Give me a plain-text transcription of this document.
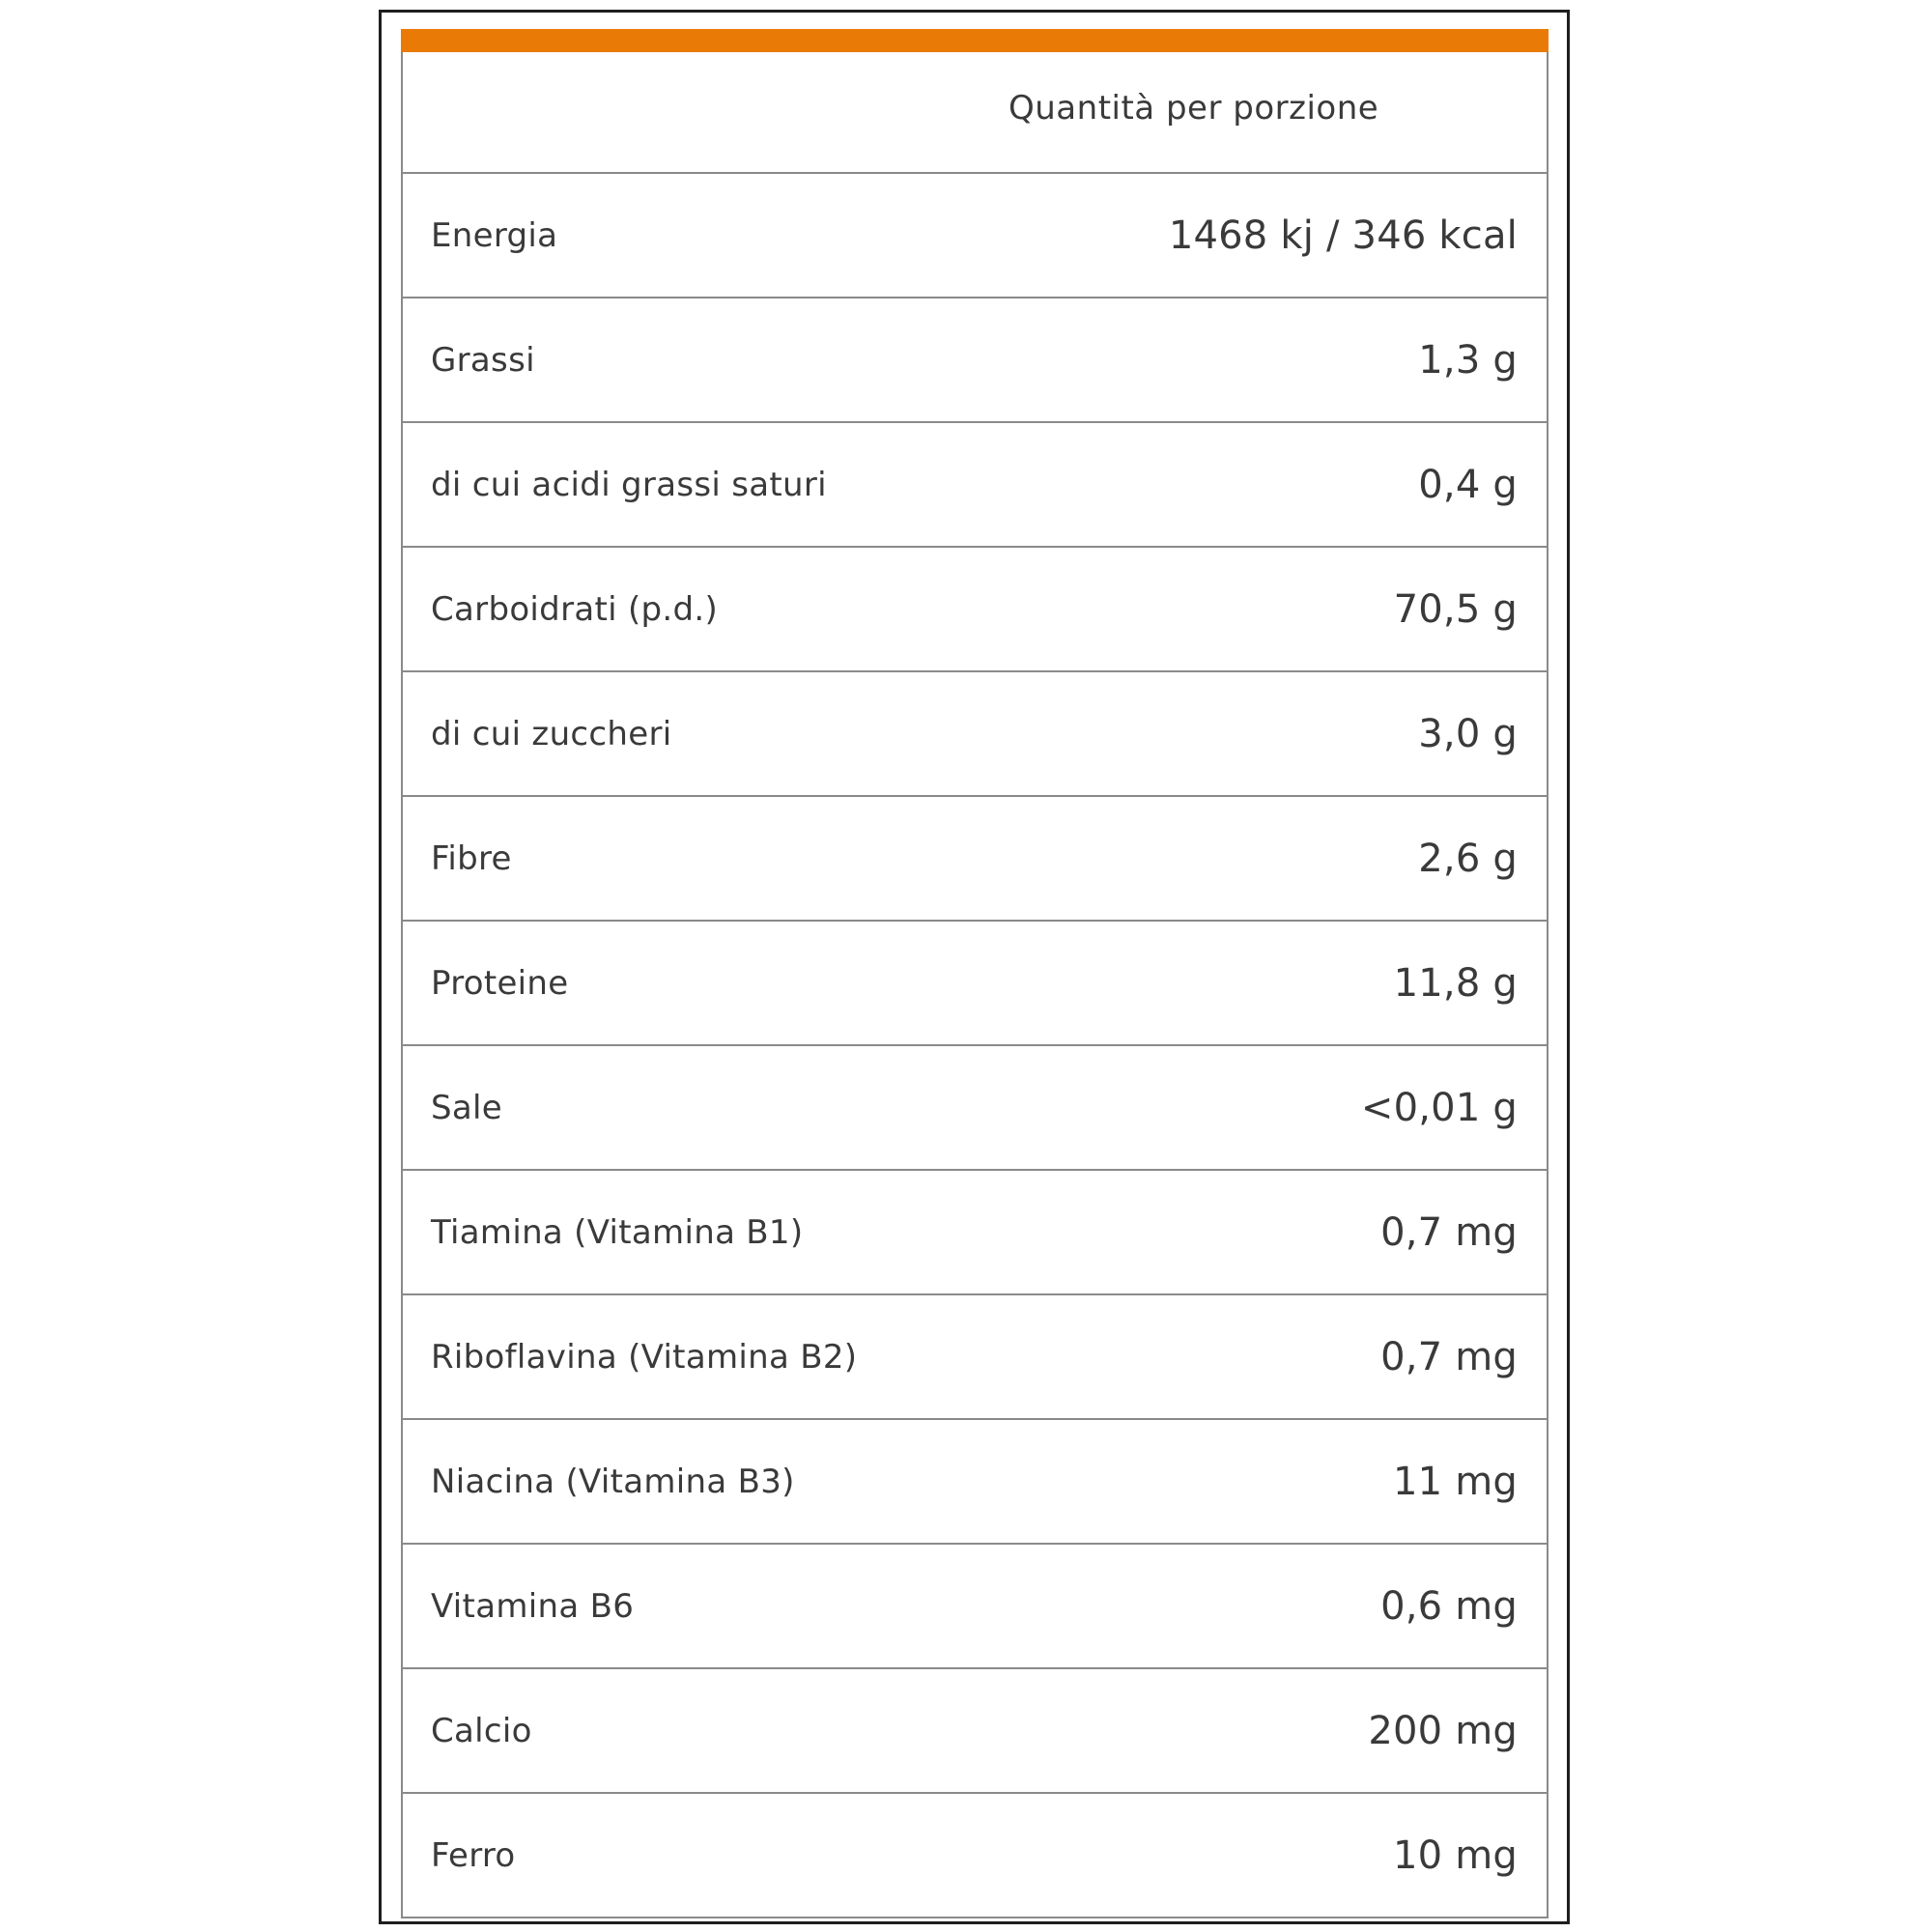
Quantità per porzione
Energia	1468 kj / 346 kcal
Grassi	1,3 g
di cui acidi grassi saturi	0,4 g
Carboidrati (p.d.)	70,5 g
di cui zuccheri	3,0 g
Fibre	2,6 g
Proteine	11,8 g
Sale	<0,01 g
Tiamina (Vitamina B1)	0,7 mg
Riboflavina (Vitamina B2)	0,7 mg
Niacina (Vitamina B3)	11 mg
Vitamina B6	0,6 mg
Calcio	200 mg
Ferro	10 mg
